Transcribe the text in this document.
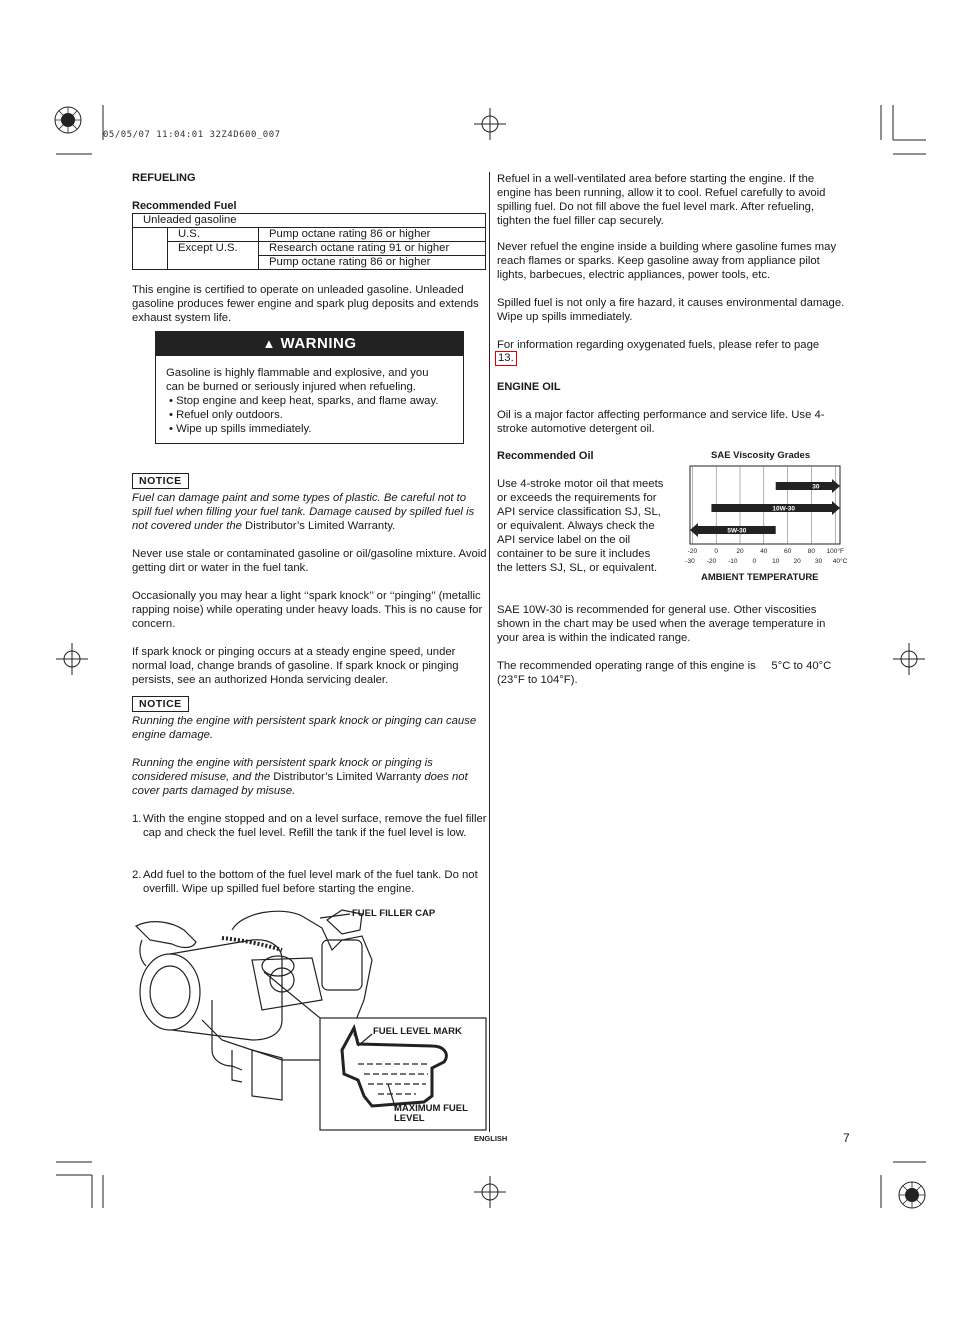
05/05/07 11:04:01 32Z4D600_007
REFUELING
Recommended Fuel
Unleaded gasoline		
	U.S.	Pump octane rating 86 or higher
	Except U.S.	Research octane rating 91 or higher
		Pump octane rating 86 or higher

This engine is certified to operate on unleaded gasoline. Unleaded gasoline produces fewer engine and spark plug deposits and extends exhaust system life.

▲ WARNING
Gasoline is highly flammable and explosive, and you
can be burned or seriously injured when refueling.
• Stop engine and keep heat, sparks, and flame away.
• Refuel only outdoors.
• Wipe up spills immediately.
NOTICE

Fuel can damage paint and some types of plastic. Be careful not to spill fuel when filling your fuel tank. Damage caused by spilled fuel is not covered under the Distributor’s Limited Warranty.

Never use stale or contaminated gasoline or oil/gasoline mixture. Avoid getting dirt or water in the fuel tank.

Occasionally you may hear a light ‘‘spark knock’’ or ‘‘pinging’’ (metallic rapping noise) while operating under heavy loads. This is no cause for concern.

If spark knock or pinging occurs at a steady engine speed, under normal load, change brands of gasoline. If spark knock or pinging persists, see an authorized Honda servicing dealer.

NOTICE

Running the engine with persistent spark knock or pinging can cause engine damage.

Running the engine with persistent spark knock or pinging is considered misuse, and the Distributor’s Limited Warranty does not cover parts damaged by misuse.

1. With the engine stopped and on a level surface, remove the fuel filler cap and check the fuel level. Refill the tank if the fuel level is low.

2. Add fuel to the bottom of the fuel level mark of the fuel tank. Do not overfill. Wipe up spilled fuel before starting the engine.

FUEL FILLER CAP
FUEL LEVEL MARK
MAXIMUM FUEL LEVEL

Refuel in a well-ventilated area before starting the engine. If the engine has been running, allow it to cool. Refuel carefully to avoid spilling fuel. Do not fill above the fuel level mark. After refueling, tighten the fuel filler cap securely.

Never refuel the engine inside a building where gasoline fumes may reach flames or sparks. Keep gasoline away from appliance pilot lights, barbecues, electric appliances, power tools, etc.

Spilled fuel is not only a fire hazard, it causes environmental damage. Wipe up spills immediately.

For information regarding oxygenated fuels, please refer to page

13.
ENGINE OIL

Oil is a major factor affecting performance and service life. Use 4-stroke automotive detergent oil.

Recommended Oil

Use 4-stroke motor oil that meets or exceeds the requirements for API service classification SJ, SL, or equivalent. Always check the API service label on the oil container to be sure it includes the letters SJ, SL, or equivalent.

SAE Viscosity Grades
30
10W-30
5W-30
-20	0	20	40	60	80 100°F
-30 -20 -10 0 10 20 30 40°C
AMBIENT TEMPERATURE

SAE 10W-30 is recommended for general use. Other viscosities shown in the chart may be used when the average temperature in your area is within the indicated range.

The recommended operating range of this engine is     5°C to 40°C (23°F to 104°F).

ENGLISH	7
